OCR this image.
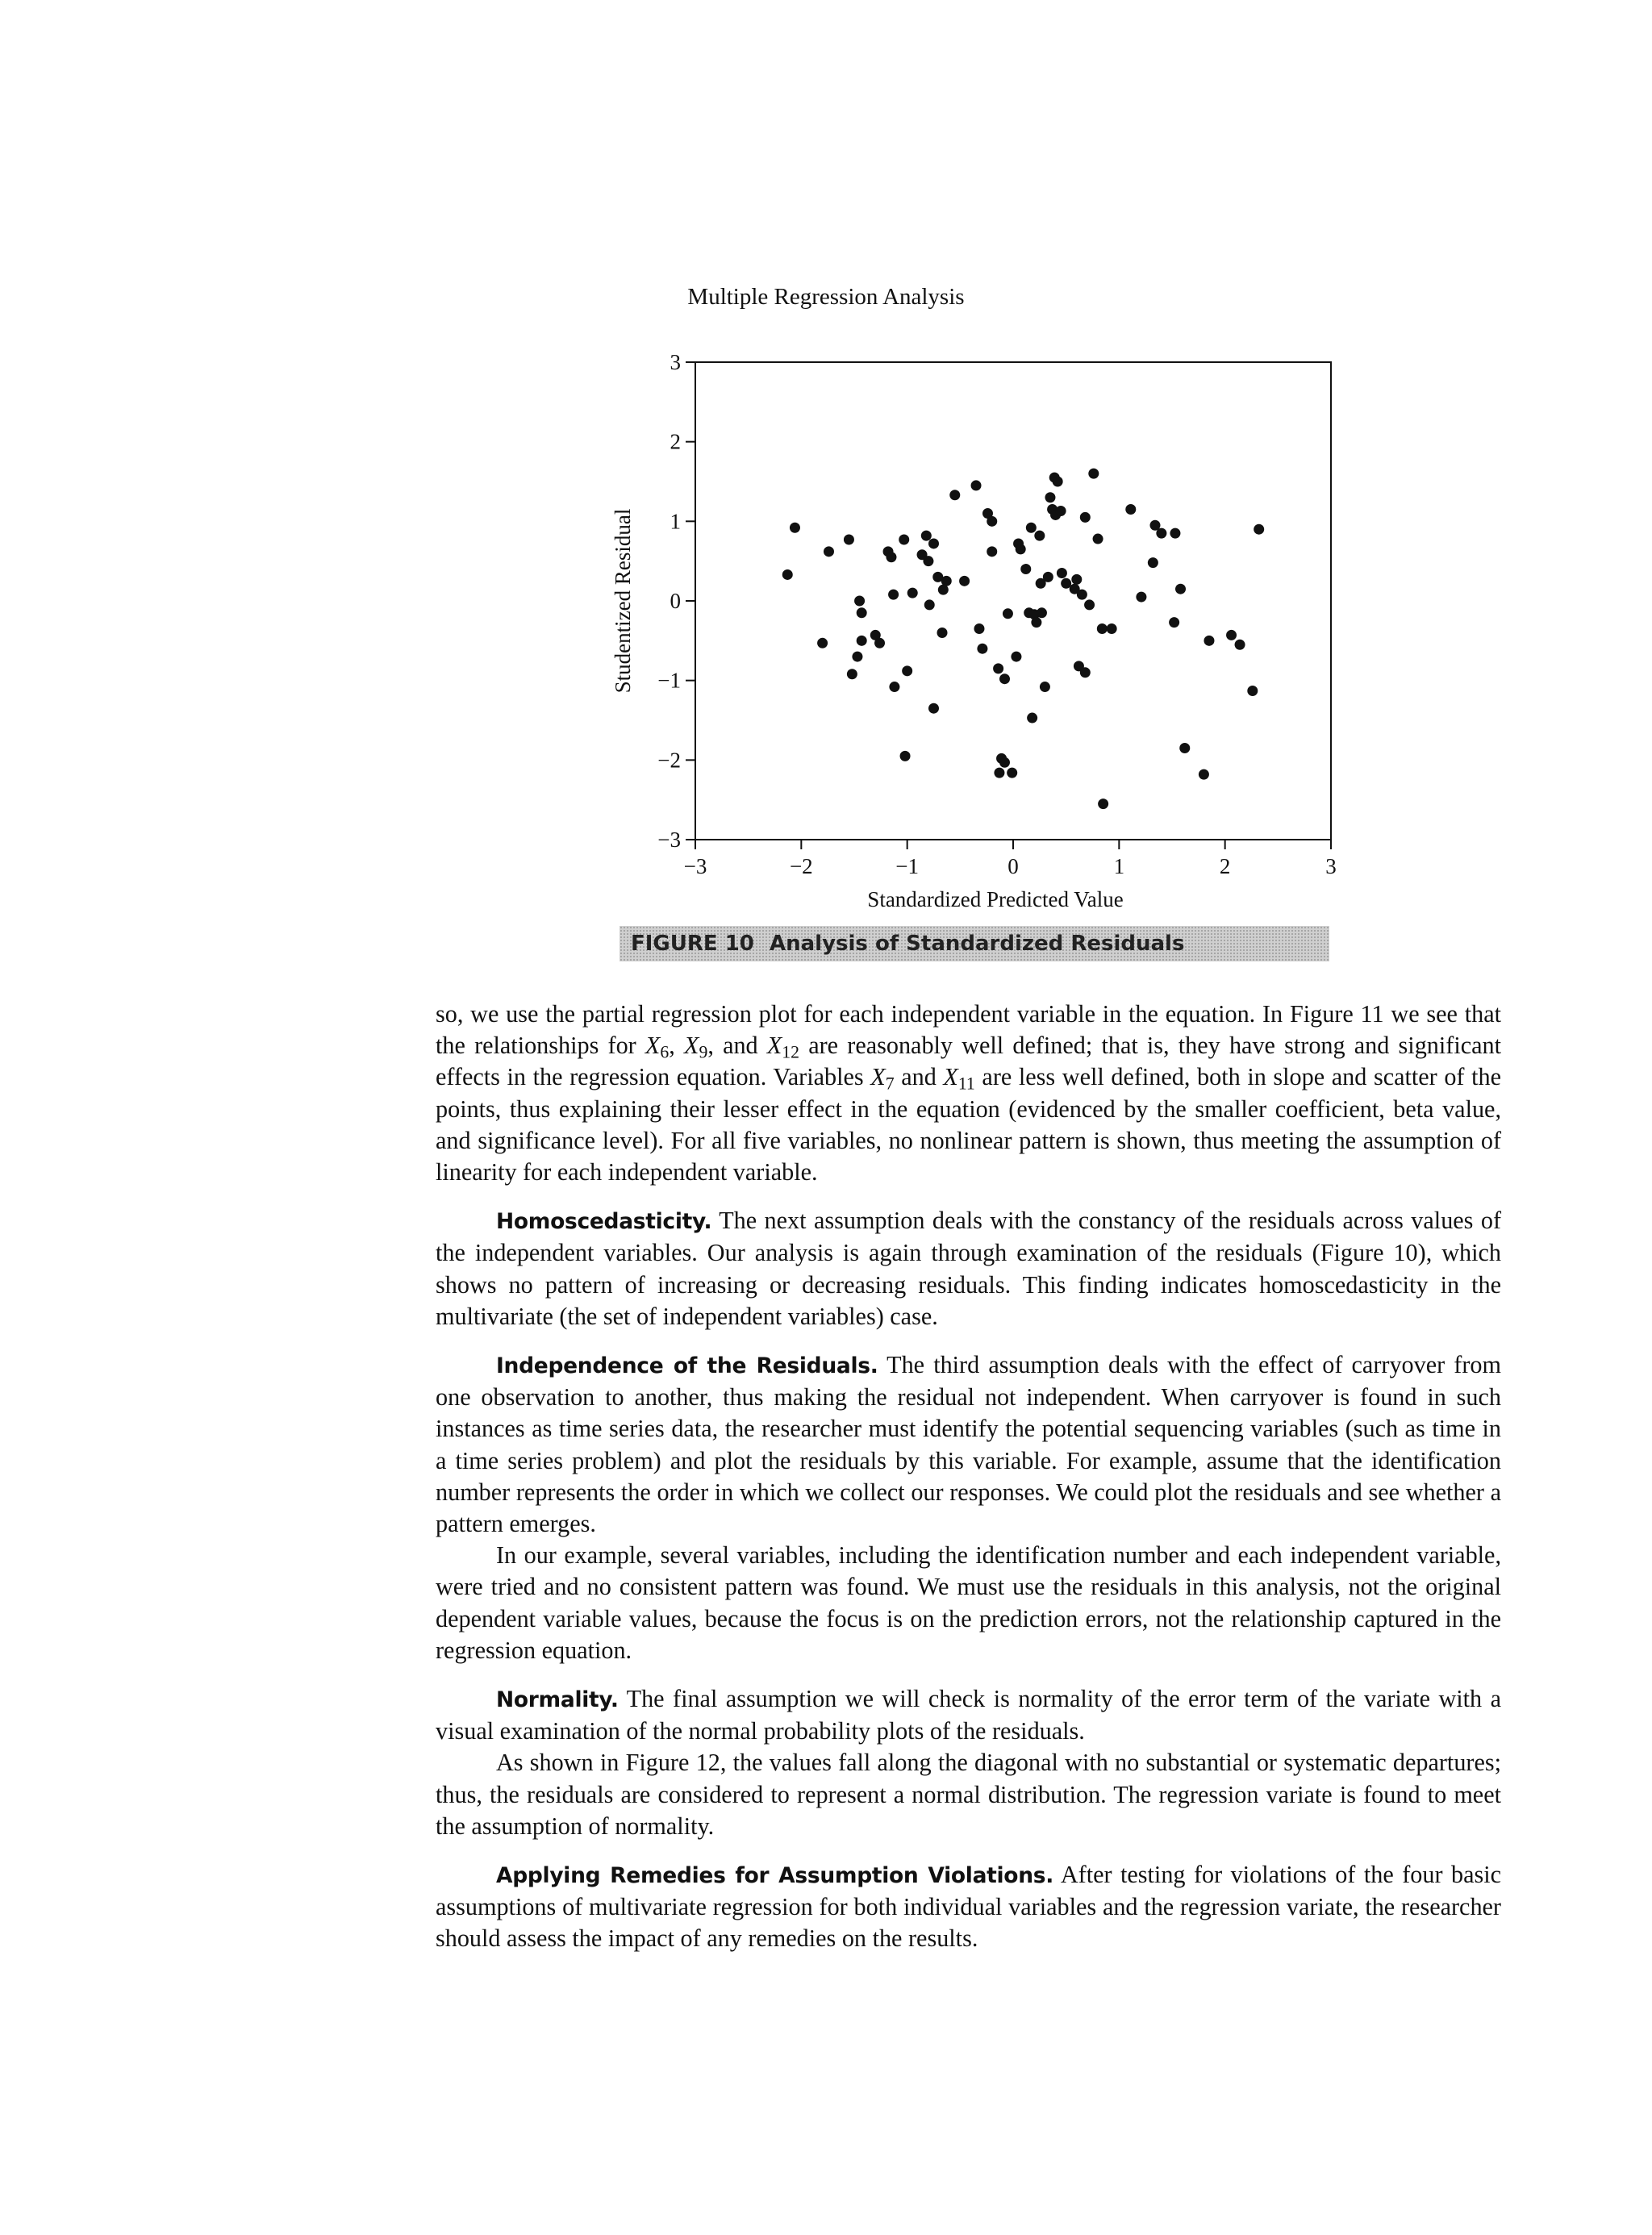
Multiple Regression Analysis
−3	−2	−1	0	1	2	3
3
2
1
0
−1
−2
−3
Standardized Predicted Value
Studentized Residual
FIGURE 10 Analysis of Standardized Residuals

so, we use the partial regression plot for each independent variable in the equation. In Figure 11 we see that the relationships for $X_6$, $X_9$, and $X_{12}$ are reasonably well defined; that is, they have strong and significant effects in the regression equation. Variables $X_7$ and $X_{11}$ are less well defined, both in slope and scatter of the points, thus explaining their lesser effect in the equation (evidenced by the smaller coefficient, beta value, and significance level). For all five variables, no nonlinear pattern is shown, thus meeting the assumption of linearity for each independent variable.

Homoscedasticity. The next assumption deals with the constancy of the residuals across values of the independent variables. Our analysis is again through examination of the residuals (Figure 10), which shows no pattern of increasing or decreasing residuals. This finding indicates homoscedasticity in the multivariate (the set of independent variables) case.

Independence of the Residuals. The third assumption deals with the effect of carryover from one observation to another, thus making the residual not independent. When carryover is found in such instances as time series data, the researcher must identify the potential sequencing variables (such as time in a time series problem) and plot the residuals by this variable. For example, assume that the identification number represents the order in which we collect our responses. We could plot the residuals and see whether a pattern emerges.

In our example, several variables, including the identification number and each independent variable, were tried and no consistent pattern was found. We must use the residuals in this analysis, not the original dependent variable values, because the focus is on the prediction errors, not the relationship captured in the regression equation.

Normality. The final assumption we will check is normality of the error term of the variate with a visual examination of the normal probability plots of the residuals.

As shown in Figure 12, the values fall along the diagonal with no substantial or systematic departures; thus, the residuals are considered to represent a normal distribution. The regression variate is found to meet the assumption of normality.

Applying Remedies for Assumption Violations. After testing for violations of the four basic assumptions of multivariate regression for both individual variables and the regression variate, the researcher should assess the impact of any remedies on the results.
